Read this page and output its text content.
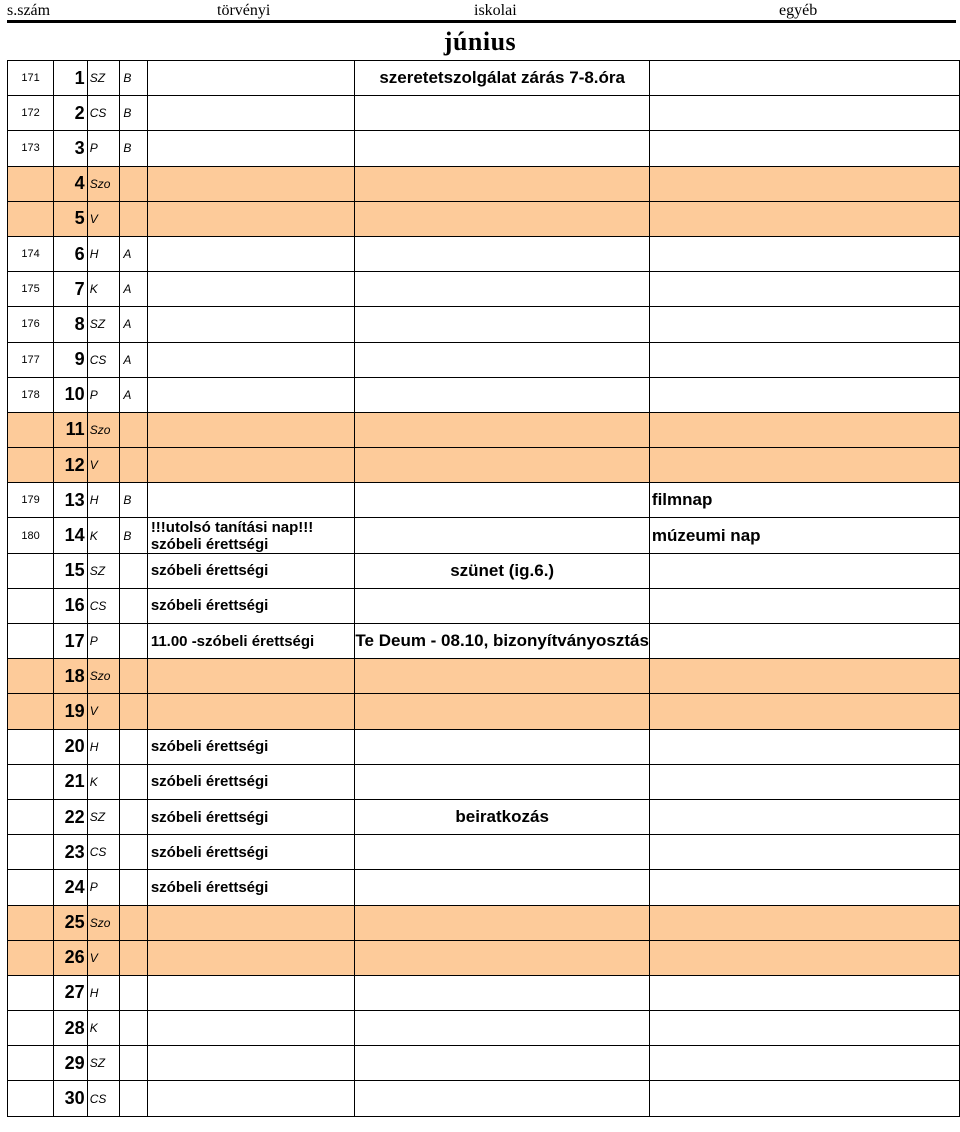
s.szám	törvényi	iskolai	egyéb
június
171	1	SZ	B		szeretetszolgálat zárás 7-8.óra	
172	2	CS	B	

173	3	P	B	

	4	Szo		

	5	V		

174	6	H	A	

175	7	K	A	

176	8	SZ	A	

177	9	CS	A	

178	10	P	A	

	11	Szo		

	12	V		

179	13	H	B			filmnap
180	14	K	B	!!!utolsó tanítási nap!!!
szóbeli érettségi		múzeumi nap
	15	SZ		szóbeli érettségi	szünet (ig.6.)	
	16	CS		szóbeli érettségi		

	17	P		11.00 -szóbeli érettségi	Te Deum - 08.10, bizonyítványosztás	
	18	Szo		

	19	V		

	20	H		szóbeli érettségi		

	21	K		szóbeli érettségi		

	22	SZ		szóbeli érettségi	beiratkozás	
	23	CS		szóbeli érettségi		

	24	P		szóbeli érettségi		

	25	Szo		

	26	V		

	27	H		

	28	K		

	29	SZ		

	30	CS		
